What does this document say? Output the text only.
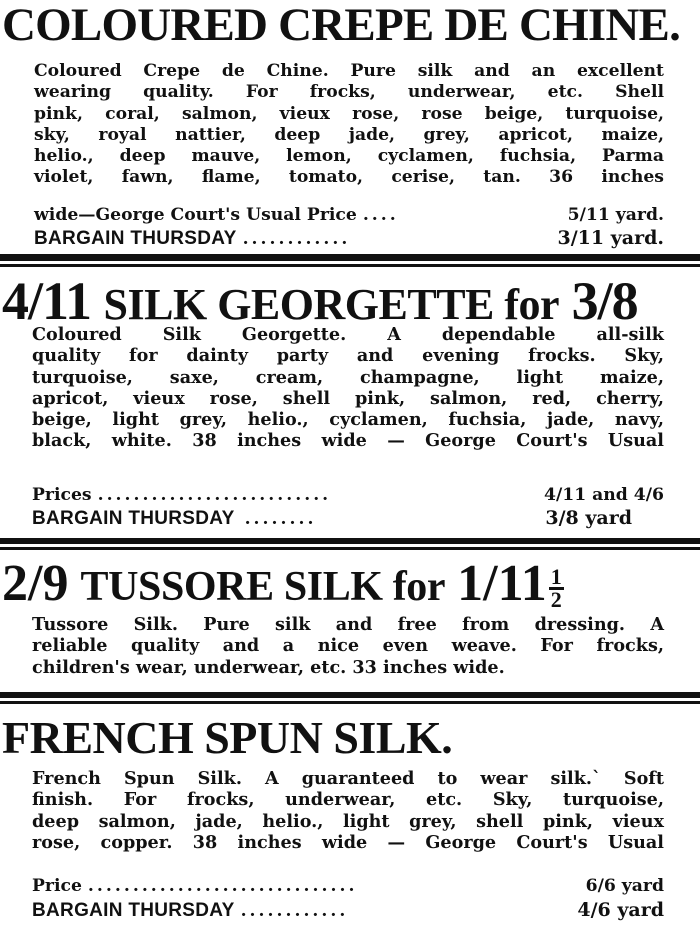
COLOURED CREPE DE CHINE.
Coloured Crepe de Chine. Pure silk and an excellent
wearing quality. For frocks, underwear, etc. Shell
pink, coral, salmon, vieux rose, rose beige, turquoise,
sky, royal nattier, deep jade, grey, apricot, maize,
helio., deep mauve, lemon, cyclamen, fuchsia, Parma
violet, fawn, flame, tomato, cerise, tan. 36 inches
wide—George Court's Usual Price ....	5/11 yard.
BARGAIN THURSDAY ............	3/11 yard.
4/11 SILK GEORGETTE for 3/8
Coloured Silk Georgette. A dependable all-silk
quality for dainty party and evening frocks. Sky,
turquoise, saxe, cream, champagne, light maize,
apricot, vieux rose, shell pink, salmon, red, cherry,
beige, light grey, helio., cyclamen, fuchsia, jade, navy,
black, white. 38 inches wide — George Court's Usual
Prices ..........................	4/11 and 4/6
BARGAIN THURSDAY ........	3/8 yard
2/9 TUSSORE SILK for $1/11 \frac{1}{2}$
Tussore Silk. Pure silk and free from dressing. A
reliable quality and a nice even weave. For frocks,
children's wear, underwear, etc. 33 inches wide.
FRENCH SPUN SILK.
French Spun Silk. A guaranteed to wear silk.` Soft
finish. For frocks, underwear, etc. Sky, turquoise,
deep salmon, jade, helio., light grey, shell pink, vieux
rose, copper. 38 inches wide — George Court's Usual
Price ..............................	6/6 yard
BARGAIN THURSDAY ............	4/6 yard
